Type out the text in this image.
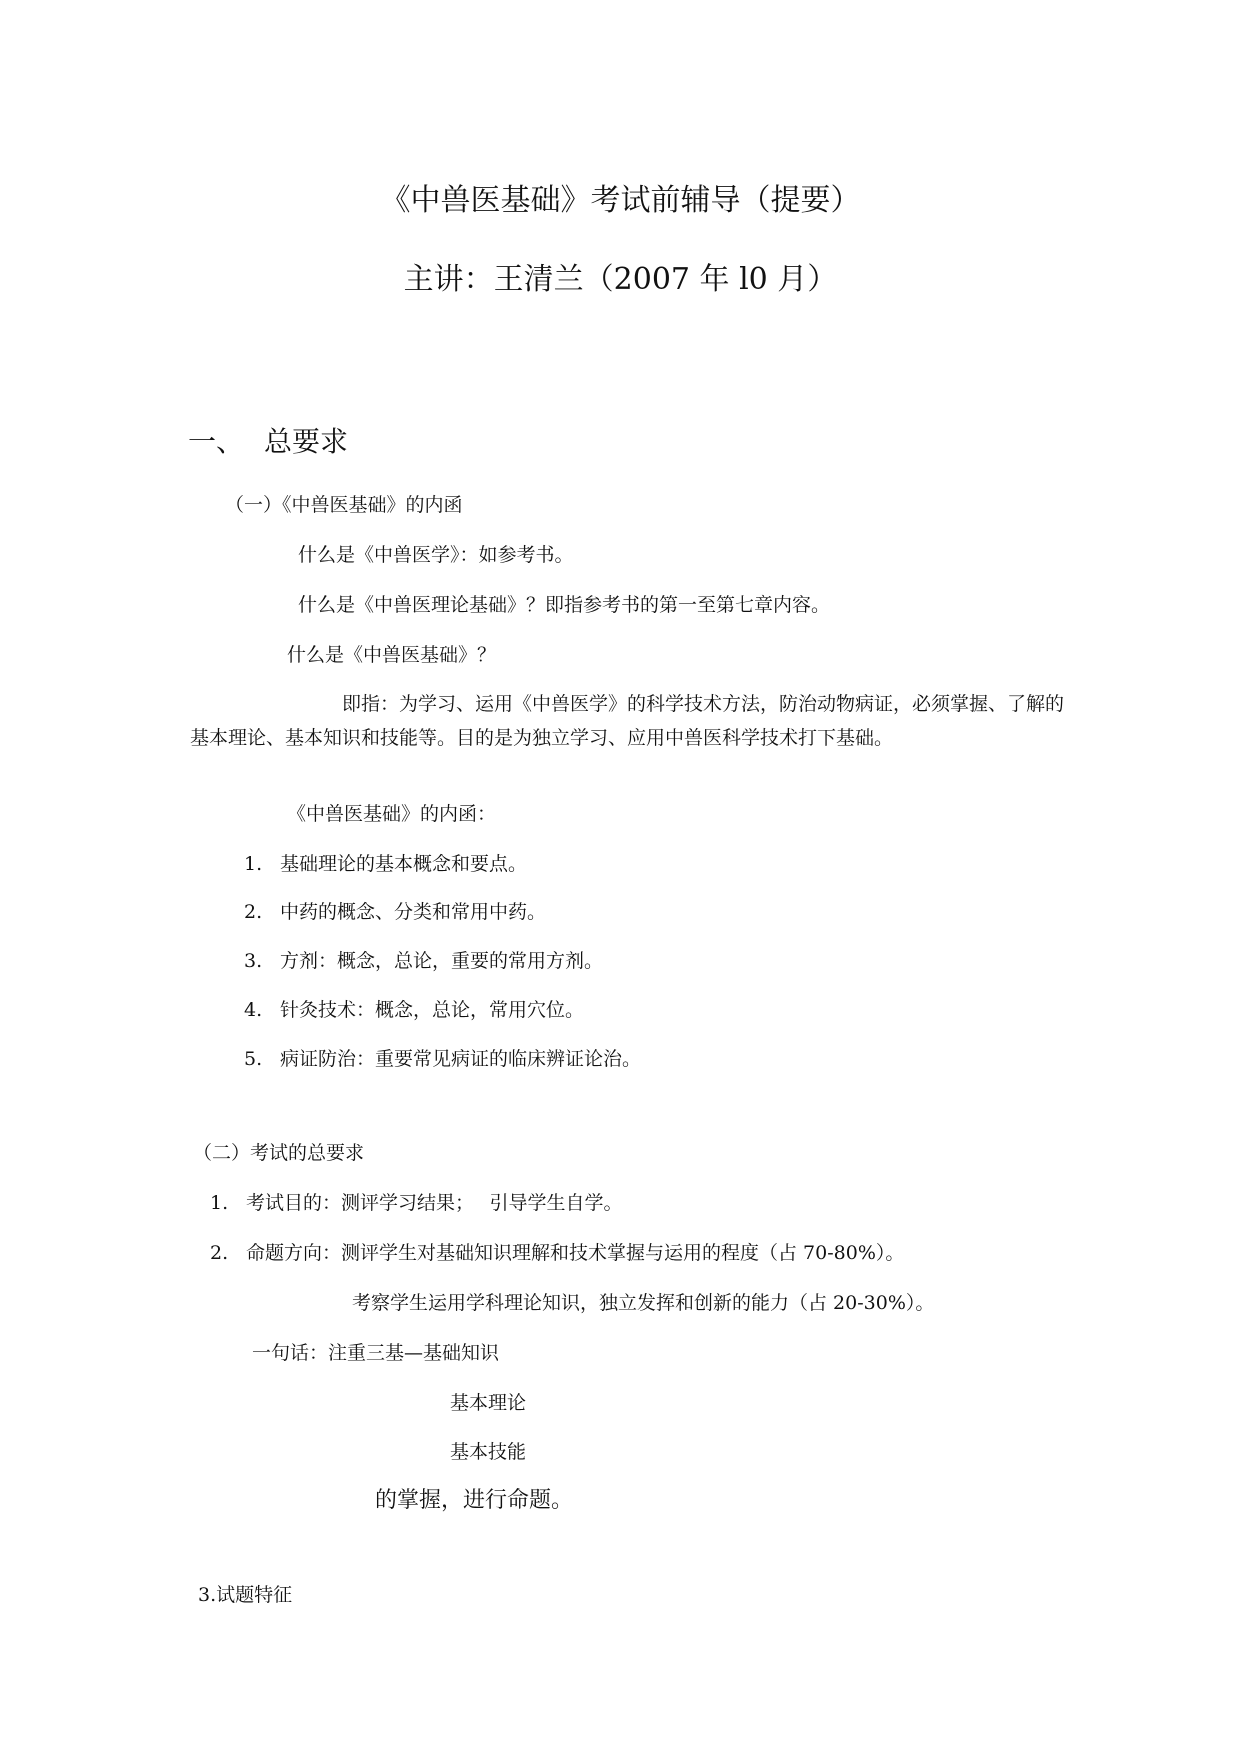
《中兽医基础》考试前辅导（提要）
主讲：王清兰（2007 年 l0 月）
一、 总要求
（一）《中兽医基础》的内函
什么是《中兽医学》：如参考书。
什么是《中兽医理论基础》？即指参考书的第一至第七章内容。
什么是《中兽医基础》？
即指：为学习、运用《中兽医学》的科学技术方法，防治动物病证，必须掌握、了解的基本理论、基本知识和技能等。目的是为独立学习、应用中兽医科学技术打下基础。
《中兽医基础》的内函：
1. 基础理论的基本概念和要点。
2. 中药的概念、分类和常用中药。
3. 方剂：概念，总论，重要的常用方剂。
4. 针灸技术：概念，总论，常用穴位。
5. 病证防治：重要常见病证的临床辨证论治。
（二）考试的总要求
1. 考试目的：测评学习结果；　 引导学生自学。
2. 命题方向：测评学生对基础知识理解和技术掌握与运用的程度（占 70-80%）。
考察学生运用学科理论知识，独立发挥和创新的能力（占 20-30%）。
一句话：注重三基—基础知识
基本理论
基本技能
的掌握，进行命题。
3.试题特征
